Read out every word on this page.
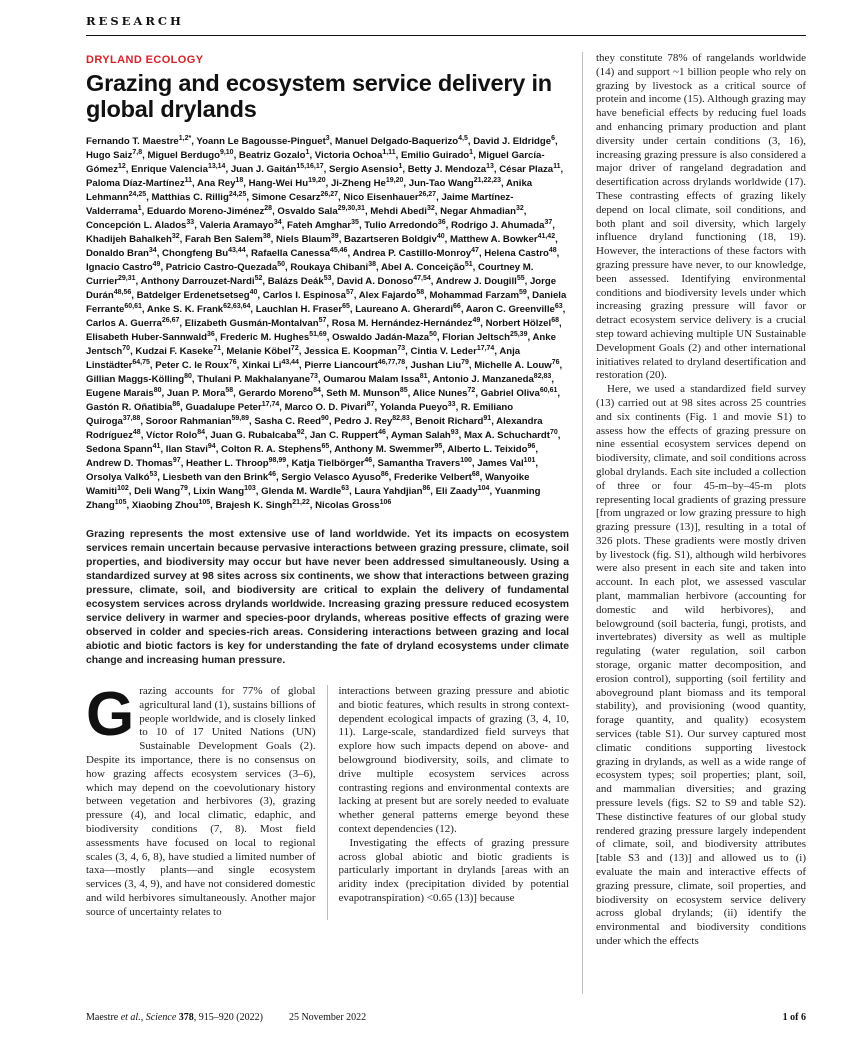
RESEARCH
DRYLAND ECOLOGY
Grazing and ecosystem service delivery in global drylands
Fernando T. Maestre$^{1,2*}$, Yoann Le Bagousse-Pinguet$^3$, Manuel Delgado-Baquerizo$^{4,5}$, David J. Eldridge$^6$, Hugo Saiz$^{7,8}$, Miguel Berdugo$^{9,10}$, Beatriz Gozalo$^1$, Victoria Ochoa$^{1,11}$, Emilio Guirado$^1$, Miguel García-Gómez$^{12}$, Enrique Valencia$^{13,14}$, Juan J. Gaitán$^{15,16,17}$, Sergio Asensio$^1$, Betty J. Mendoza$^{13}$, César Plaza$^{11}$, Paloma Díaz-Martínez$^{11}$, Ana Rey$^{18}$, Hang-Wei Hu$^{19,20}$, Ji-Zheng He$^{19,20}$, Jun-Tao Wang$^{21,22,23}$, Anika Lehmann$^{24,25}$, Matthias C. Rillig$^{24,25}$, Simone Cesarz$^{26,27}$, Nico Eisenhauer$^{26,27}$, Jaime Martínez-Valderrama$^1$, Eduardo Moreno-Jiménez$^{28}$, Osvaldo Sala$^{29,30,31}$, Mehdi Abedi$^{32}$, Negar Ahmadian$^{32}$, Concepción L. Alados$^{33}$, Valeria Aramayo$^{34}$, Fateh Amghar$^{35}$, Tulio Arredondo$^{36}$, Rodrigo J. Ahumada$^{37}$, Khadijeh Bahalkeh$^{32}$, Farah Ben Salem$^{38}$, Niels Blaum$^{39}$, Bazartseren Boldgiv$^{40}$, Matthew A. Bowker$^{41,42}$, Donaldo Bran$^{34}$, Chongfeng Bu$^{43,44}$, Rafaella Canessa$^{45,46}$, Andrea P. Castillo-Monroy$^{47}$, Helena Castro$^{48}$, Ignacio Castro$^{49}$, Patricio Castro-Quezada$^{50}$, Roukaya Chibani$^{38}$, Abel A. Conceição$^{51}$, Courtney M. Currier$^{29,31}$, Anthony Darrouzet-Nardi$^{52}$, Balázs Deák$^{53}$, David A. Donoso$^{47,54}$, Andrew J. Dougill$^{55}$, Jorge Durán$^{48,56}$, Batdelger Erdenetsetseg$^{40}$, Carlos I. Espinosa$^{57}$, Alex Fajardo$^{58}$, Mohammad Farzam$^{59}$, Daniela Ferrante$^{60,61}$, Anke S. K. Frank$^{62,63,64}$, Lauchlan H. Fraser$^{65}$, Laureano A. Gherardi$^{66}$, Aaron C. Greenville$^{63}$, Carlos A. Guerra$^{26,67}$, Elizabeth Gusmán-Montalvan$^{57}$, Rosa M. Hernández-Hernández$^{49}$, Norbert Hölzel$^{68}$, Elisabeth Huber-Sannwald$^{36}$, Frederic M. Hughes$^{51,69}$, Oswaldo Jadán-Maza$^{50}$, Florian Jeltsch$^{25,39}$, Anke Jentsch$^{70}$, Kudzai F. Kaseke$^{71}$, Melanie Köbel$^{72}$, Jessica E. Koopman$^{73}$, Cintia V. Leder$^{17,74}$, Anja Linstädter$^{64,75}$, Peter C. le Roux$^{76}$, Xinkai Li$^{43,44}$, Pierre Liancourt$^{46,77,78}$, Jushan Liu$^{79}$, Michelle A. Louw$^{76}$, Gillian Maggs-Kölling$^{80}$, Thulani P. Makhalanyane$^{73}$, Oumarou Malam Issa$^{81}$, Antonio J. Manzaneda$^{82,83}$, Eugene Marais$^{80}$, Juan P. Mora$^{58}$, Gerardo Moreno$^{84}$, Seth M. Munson$^{85}$, Alice Nunes$^{72}$, Gabriel Oliva$^{60,61}$, Gastón R. Oñatibia$^{86}$, Guadalupe Peter$^{17,74}$, Marco O. D. Pivari$^{87}$, Yolanda Pueyo$^{33}$, R. Emiliano Quiroga$^{37,88}$, Soroor Rahmanian$^{59,89}$, Sasha C. Reed$^{90}$, Pedro J. Rey$^{82,83}$, Benoit Richard$^{91}$, Alexandra Rodríguez$^{48}$, Víctor Rolo$^{84}$, Juan G. Rubalcaba$^{92}$, Jan C. Ruppert$^{46}$, Ayman Salah$^{93}$, Max A. Schuchardt$^{70}$, Sedona Spann$^{41}$, Ilan Stavi$^{94}$, Colton R. A. Stephens$^{65}$, Anthony M. Swemmer$^{95}$, Alberto L. Teixido$^{96}$, Andrew D. Thomas$^{97}$, Heather L. Throop$^{98,99}$, Katja Tielbörger$^{46}$, Samantha Travers$^{100}$, James Val$^{101}$, Orsolya Valkó$^{53}$, Liesbeth van den Brink$^{46}$, Sergio Velasco Ayuso$^{86}$, Frederike Velbert$^{68}$, Wanyoike Wamiti$^{102}$, Deli Wang$^{79}$, Lixin Wang$^{103}$, Glenda M. Wardle$^{63}$, Laura Yahdjian$^{86}$, Eli Zaady$^{104}$, Yuanming Zhang$^{105}$, Xiaobing Zhou$^{105}$, Brajesh K. Singh$^{21,22}$, Nicolas Gross$^{106}$

Grazing represents the most extensive use of land worldwide. Yet its impacts on ecosystem services remain uncertain because pervasive interactions between grazing pressure, climate, soil properties, and biodiversity may occur but have never been addressed simultaneously. Using a standardized survey at 98 sites across six continents, we show that interactions between grazing pressure, climate, soil, and biodiversity are critical to explain the delivery of fundamental ecosystem services across drylands worldwide. Increasing grazing pressure reduced ecosystem service delivery in warmer and species-poor drylands, whereas positive effects of grazing were observed in colder and species-rich areas. Considering interactions between grazing and local abiotic and biotic factors is key for understanding the fate of dryland ecosystems under climate change and increasing human pressure.

Grazing accounts for 77% of global agricultural land (1), sustains billions of people worldwide, and is closely linked to 10 of 17 United Nations (UN) Sustainable Development Goals (2). Despite its importance, there is no consensus on how grazing affects ecosystem services (3–6), which may depend on the coevolutionary history between vegetation and herbivores (3), grazing pressure (4), and local climatic, edaphic, and biodiversity conditions (7, 8). Most field assessments have focused on local to regional scales (3, 4, 6, 8), have studied a limited number of taxa—mostly plants—and single ecosystem services (3, 4, 9), and have not considered domestic and wild herbivores simultaneously. Another major source of uncertainty relates to

interactions between grazing pressure and abiotic and biotic features, which results in strong context-dependent ecological impacts of grazing (3, 4, 10, 11). Large-scale, standardized field surveys that explore how such impacts depend on above- and belowground biodiversity, soils, and climate to drive multiple ecosystem services across contrasting regions and environmental contexts are lacking at present but are sorely needed to evaluate whether general patterns emerge beyond these context dependencies (12).

Investigating the effects of grazing pressure across global abiotic and biotic gradients is particularly important in drylands [areas with an aridity index (precipitation divided by potential evapotranspiration) <0.65 (13)] because

they constitute 78% of rangelands worldwide (14) and support ~1 billion people who rely on grazing by livestock as a critical source of protein and income (15). Although grazing may have beneficial effects by reducing fuel loads and enhancing primary production and plant diversity under certain conditions (3, 16), increasing grazing pressure is also considered a major driver of rangeland degradation and desertification across drylands worldwide (17). These contrasting effects of grazing likely depend on local climate, soil conditions, and both plant and soil diversity, which largely influence dryland functioning (18, 19). However, the interactions of these factors with grazing pressure have never, to our knowledge, been assessed. Identifying environmental conditions and biodiversity levels under which increasing grazing pressure will favor or detract ecosystem service delivery is a crucial step toward achieving multiple UN Sustainable Development Goals (2) and other international initiatives related to dryland desertification and restoration (20).

Here, we used a standardized field survey (13) carried out at 98 sites across 25 countries and six continents (Fig. 1 and movie S1) to assess how the effects of grazing pressure on nine essential ecosystem services depend on biodiversity, climate, and soil conditions across global drylands. Each site included a collection of three or four 45-m–by–45-m plots representing local gradients of grazing pressure [from ungrazed or low grazing pressure to high grazing pressure (13)], resulting in a total of 326 plots. These gradients were mostly driven by livestock (fig. S1), although wild herbivores were also present in each site and taken into account. In each plot, we assessed vascular plant, mammalian herbivore (accounting for domestic and wild herbivores), and belowground (soil bacteria, fungi, protists, and invertebrates) diversity as well as multiple regulating (water regulation, soil carbon storage, organic matter decomposition, and erosion control), supporting (soil fertility and aboveground plant biomass and its temporal stability), and provisioning (wood quantity, forage quantity, and quality) ecosystem services (table S1). Our survey captured most climatic conditions supporting livestock grazing in drylands, as well as a wide range of ecosystem types; soil properties; plant, soil, and mammalian diversities; and grazing pressure levels (figs. S2 to S9 and table S2). These distinctive features of our global study rendered grazing pressure largely independent of climate, soil, and biodiversity attributes [table S3 and (13)] and allowed us to (i) evaluate the main and interactive effects of grazing pressure, climate, soil properties, and biodiversity on ecosystem service delivery across global drylands; (ii) identify the environmental and biodiversity conditions under which the effects

Maestre et al., Science 378, 915–920 (2022)	25 November 2022	1 of 6
